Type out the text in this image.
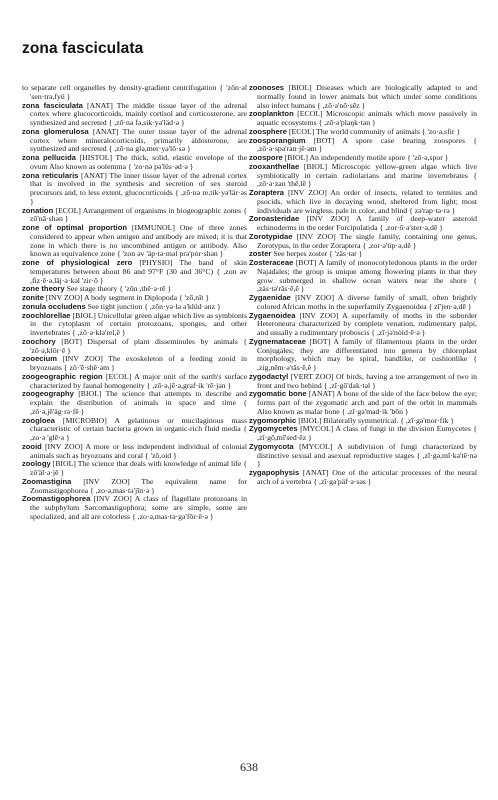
zona fasciculata

to separate cell organelles by density-gradient centrifugation { 'zōn·əl 'sen·trə,fyü }

zona fasciculata [ANAT] The middle tissue layer of the adrenal cortex where glucocorticoids, mainly cortisol and corticosterone, are synthesized and secreted { ,zō·nə fə,sik·yə'läd·ə }

zona glomerulosa [ANAT] The outer tissue layer of the adrenal cortex where mineralocorticoids, primarily aldosterone, are synthesized and secreted { ,zō·nə glə,mer·yə'lō·sə }

zona pellucida [HISTOL] The thick, solid, elastic envelope of the ovum Also known as oolemma { 'zo·nə pə'lüs·əd·ə }

zona reticularis [ANAT] The inner tissue layer of the adrenal cortex that is involved in the synthesis and secretion of sex steroid precursors and, to less extent, glucocorticoids { ,zō·nə re,tik·yə'lär·əs }

zonation [ECOL] Arrangement of organisms in biogeographic zones { zō'nā·shən }

zone of optimal proportion [IMMUNOL] One of three zones considered to appear when antigen and antibody are mixed; it is that zone in which there is no uncombined antigen or antibody. Also known as equivalence zone { 'zon əv 'äp·tə·məl prə'pȯr·shən }

zone of physiological zero [PHYSIO] The band of skin temperatures between about 86 and 97°F (30 and 36°C) { ,zon əv ,fiz·ē·ə,läj·ə·kəl 'zir·ō }

zone theory See stage theory { 'zōn ,thē·ə·rē }

zonite [INV ZOO] A body segment in Diplopoda { 'zō,nīt }

zonula occludens See tight junction { ,zōn·yə·lə ə'klüd·ənz }

zoochlorellae [BIOL] Unicellular green algae which live as symbionts in the cytoplasm of certain protozoans, sponges, and other invertebrates { ,zō·ə·klə'rel,ē }

zoochory [BOT] Dispersal of plant disseminules by animals { 'zō·ə,klōr·ē }

zooecium [INV ZOO] The exoskeleton of a feeding zooid in bryozoans { zō·'ē·shē·əm }

zoogeographic region [ECOL] A major unit of the earth's surface characterized by faunal homogeneity { ,zō·ə,jē·ə,graf·ik 'rē·jən }

zoogeography [BIOL] The science that attempts to describe and explain the distribution of animals in space and time { ,zō·ə,jē'äg·rə·fē }

zoogloea [MICROBIO] A gelatinous or mucilaginous mass characteristic of certain bacteria grown in organic-rich fluid media { ,zo·ə 'glē·ə }

zooid [INV ZOO] A more or less independent individual of colonial animals such as bryozoans and coral { 'zō,oid }

zoology [BIOL] The science that deals with knowledge of animal life { zō'äl·ə·jē }

Zoomastigina [INV ZOO] The equivalent name for Zoomastigophorea { ,zo·ə,mas·tə'jīn·ə }

Zoomastigophorea [INV ZOO] A class of flagellate protozoans in the subphylum Sarcomastigophora; some are simple, some are specialized, and all are colorless { ,zo·ə,mas·tə·gə'fōr·ē·ə }

zoonoses [BIOL] Diseases which are biologically adapted to and normally found in lower animals but which under some conditions also infect humans { ,zō·ə'nō·sēz }

zooplankton [ECOL] Microscopic animals which move passively in aquatic ecosystems { ,zō·ə'plaŋk·tən }

zoosphere [ECOL] The world community of animals { 'zo·ə,sfir }

zoosporangium [BOT] A spore case bearing zoospores { ,zō·ə·spə'ran·jē·əm }

zoospore [BIOL] An independently motile spore { 'zō·ə,spor }

zooxanthellae [BIOL] Microscopic yellow-green algae which live symbiotically in certain radiolarians and marine invertebrates { ,zō·ə·zan 'thē,lē }

Zoraptera [INV ZOO] An order of insects, related to termites and psocids, which live in decaying wood, sheltered from light; most individuals are wingless, pale in color, and blind { zə'rap·tə·rə }

Zoroasteridae [INV ZOO] A family of deep-water asteroid echinoderms in the order Forcipulatida { ,zor·ō·ə'ster·ə,dē }

Zorotypidae [INV ZOO] The single family, containing one genus, Zorotypus, in the order Zoraptera { ,zor·ə'tip·ə,dē }

zoster See herpes zoster { 'zäs·tər }

Zosteraceae [BOT] A family of monocotyledonous plants in the order Najadales; the group is unique among flowering plants in that they grow submerged in shallow ocean waters near the shore { ,zäs·tə'rās·ē,ē }

Zygaenidae [INV ZOO] A diverse family of small, often brightly colored African moths in the superfamily Zygaenoidea { zī'jen·ə,dē }

Zygaenoidea [INV ZOO] A superfamily of moths in the suborder Heteroneura characterized by complete venation, rudimentary palpi, and usually a rudimentary proboscis { ,zī·jə'nȯid·ē·ə }

Zygnemataceae [BOT] A family of filamentous plants in the order Conjugales; they are differentiated into genera by chloroplast morphology, which may be spiral, bandlike, or cushionlike { ,zig,nēm·ə'tās·ē,ē }

zygodactyl [VERT ZOO] Of birds, having a toe arrangement of two in front and two behind { ,zī·gō'dak·təl }

zygomatic bone [ANAT] A bone of the side of the face below the eye; forms part of the zygomatic arch and part of the orbit in mammals Also known as malar bone { ,zī·gə'mad·ik 'bōn }

zygomorphic [BIOL] Bilaterally symmetrical. { ,zī·gə'mor·fik }

Zygomycetes [MYCOL] A class of fungi in the division Eumycetes { ,zī·gō,mī'sed·ēz }

Zygomycota [MYCOL] A subdivision of fungi characterized by distinctive sexual and asexual reproductive stages { ,zī·gə,mī·kə'tē·nə }

zygapophysis [ANAT] One of the articular processes of the neural arch of a vertebra { ,zī·gə'päf·ə·səs }

638
